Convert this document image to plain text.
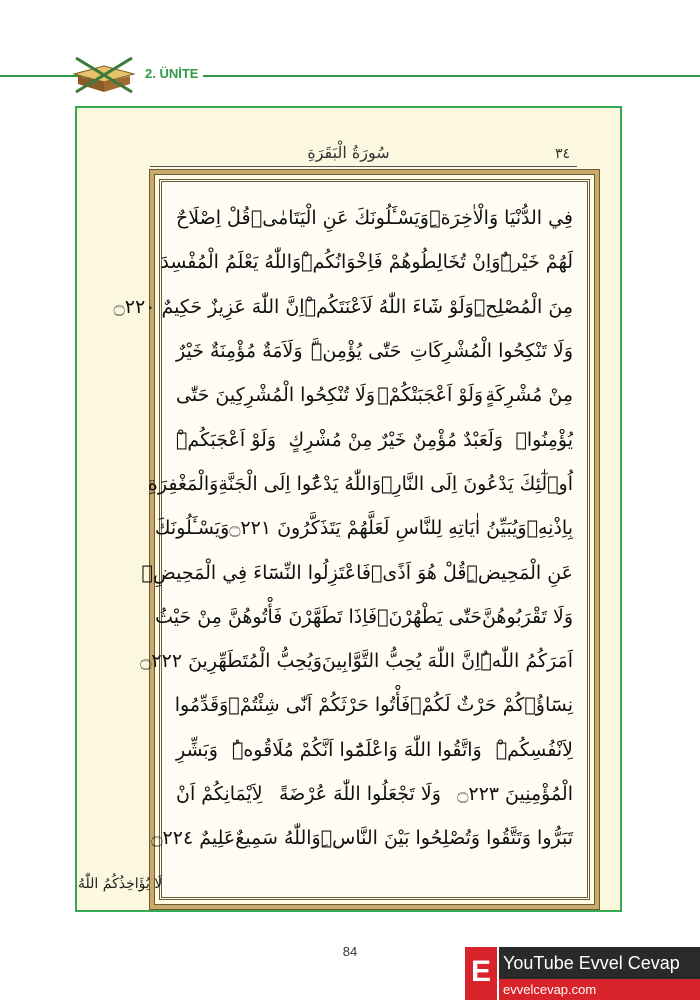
2. ÜNİTE
سُورَةُ الْبَقَرَةِ	٣٤
فِي الدُّنْيَا وَالْاٰخِرَةِۜ
وَيَسْـَٔلُونَكَ عَنِ الْيَتَامٰىۜ
قُلْ اِصْلَاحٌ
لَهُمْ خَيْرٌۜ
وَاِنْ تُخَالِطُوهُمْ فَاِخْوَانُكُمْۜ
وَاللّٰهُ يَعْلَمُ الْمُفْسِدَ
مِنَ الْمُصْلِحِۜ
وَلَوْ شَٓاءَ اللّٰهُ لَاَعْنَتَكُمْۜ
اِنَّ اللّٰهَ عَزِيزٌ حَكِيمٌ ۝٢٢٠
وَلَا تَنْكِحُوا الْمُشْرِكَاتِ
حَتّٰى يُؤْمِنَّۜ
وَلَاَمَةٌ مُؤْمِنَةٌ خَيْرٌ
مِنْ مُشْرِكَةٍ
وَلَوْ اَعْجَبَتْكُمْۚ
وَلَا تُنْكِحُوا الْمُشْرِكِينَ حَتّٰى
يُؤْمِنُواۜ
وَلَعَبْدٌ مُؤْمِنٌ خَيْرٌ مِنْ مُشْرِكٍ
وَلَوْ اَعْجَبَكُمْۜ
اُو۬لٰٓئِكَ يَدْعُونَ اِلَى النَّارِۚ
وَاللّٰهُ يَدْعُٓوا اِلَى الْجَنَّةِ
وَالْمَغْفِرَةِ
بِاِذْنِهِۚ
وَيُبَيِّنُ اٰيَاتِهِ لِلنَّاسِ لَعَلَّهُمْ يَتَذَكَّرُونَ ۝٢٢١
وَيَسْـَٔلُونَكَ
عَنِ الْمَحِيضِۜ
قُلْ هُوَ اَذًىۙ
فَاعْتَزِلُوا النِّسَٓاءَ فِي الْمَحِيضِۙ
وَلَا تَقْرَبُوهُنَّ
حَتّٰى يَطْهُرْنَۚ
فَاِذَا تَطَهَّرْنَ فَأْتُوهُنَّ مِنْ حَيْثُ
اَمَرَكُمُ اللّٰهُۜ
اِنَّ اللّٰهَ يُحِبُّ التَّوَّابِينَ
وَيُحِبُّ الْمُتَطَهِّرِينَ ۝٢٢٢
نِسَٓاؤُ۬كُمْ حَرْثٌ لَكُمْۖ
فَأْتُوا حَرْثَكُمْ اَنّٰى شِئْتُمْۘ
وَقَدِّمُوا
لِاَنْفُسِكُمْۜ
وَاتَّقُوا اللّٰهَ وَاعْلَمُٓوا اَنَّكُمْ مُلَاقُوهُۜ
وَبَشِّرِ
الْمُؤْمِنِينَ ۝٢٢٣
وَلَا تَجْعَلُوا اللّٰهَ عُرْضَةً
لِاَيْمَانِكُمْ اَنْ
تَبَرُّوا وَتَتَّقُوا وَتُصْلِحُوا بَيْنَ النَّاسِۜ
وَاللّٰهُ سَمِيعٌ
عَلِيمٌ ۝٢٢٤
لَا يُؤَاخِذُكُمُ اللّٰهُ
84
E YouTube Evvel Cevap
evvelcevap.com
